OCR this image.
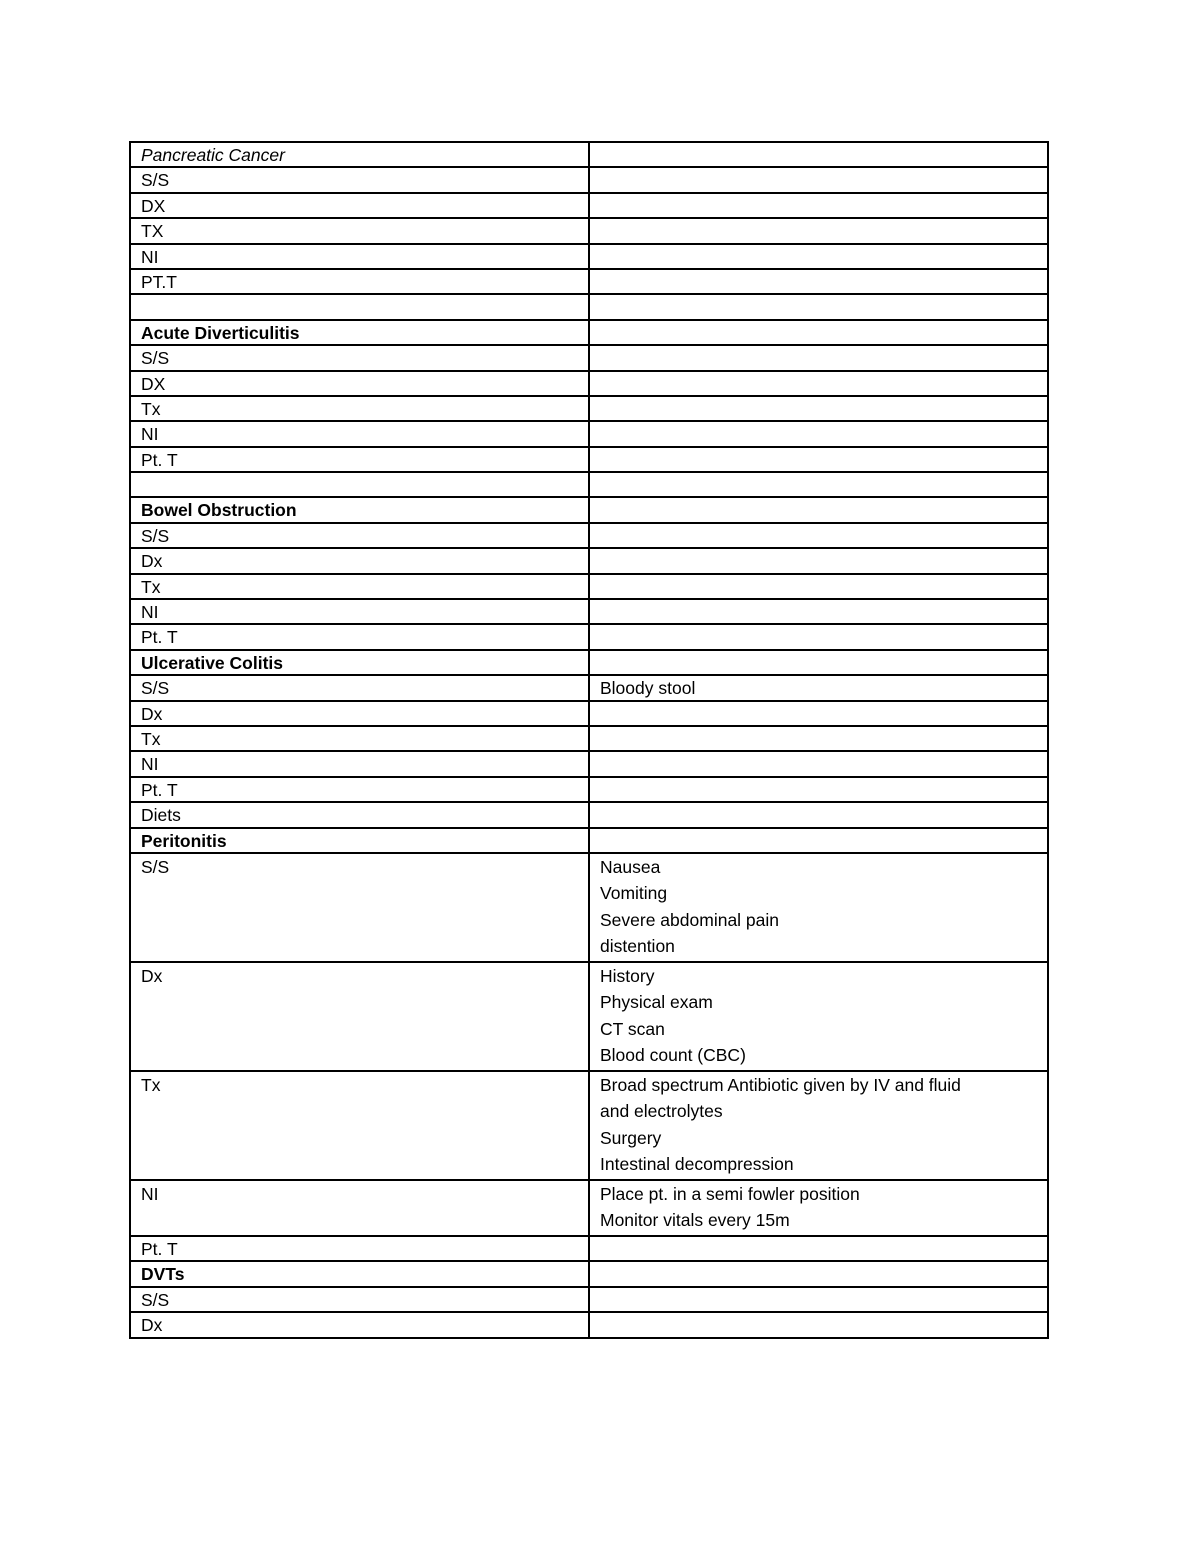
Pancreatic Cancer	

S/S	

DX	

TX	

NI	

PT.T	

Acute Diverticulitis	

S/S	

DX	

Tx	

NI	

Pt. T	

Bowel Obstruction	

S/S	

Dx	

Tx	

NI	

Pt. T	

Ulcerative Colitis	

S/S	Bloody stool

Dx	

Tx	

NI	

Pt. T	

Diets	

Peritonitis	

S/S	Nausea
Vomiting
Severe abdominal pain
distention

Dx	History
Physical exam
CT scan
Blood count (CBC)

Tx	Broad spectrum Antibiotic given by IV and fluid
and electrolytes
Surgery
Intestinal decompression

NI	Place pt. in a semi fowler position
Monitor vitals every 15m

Pt. T	

DVTs	

S/S	

Dx	
